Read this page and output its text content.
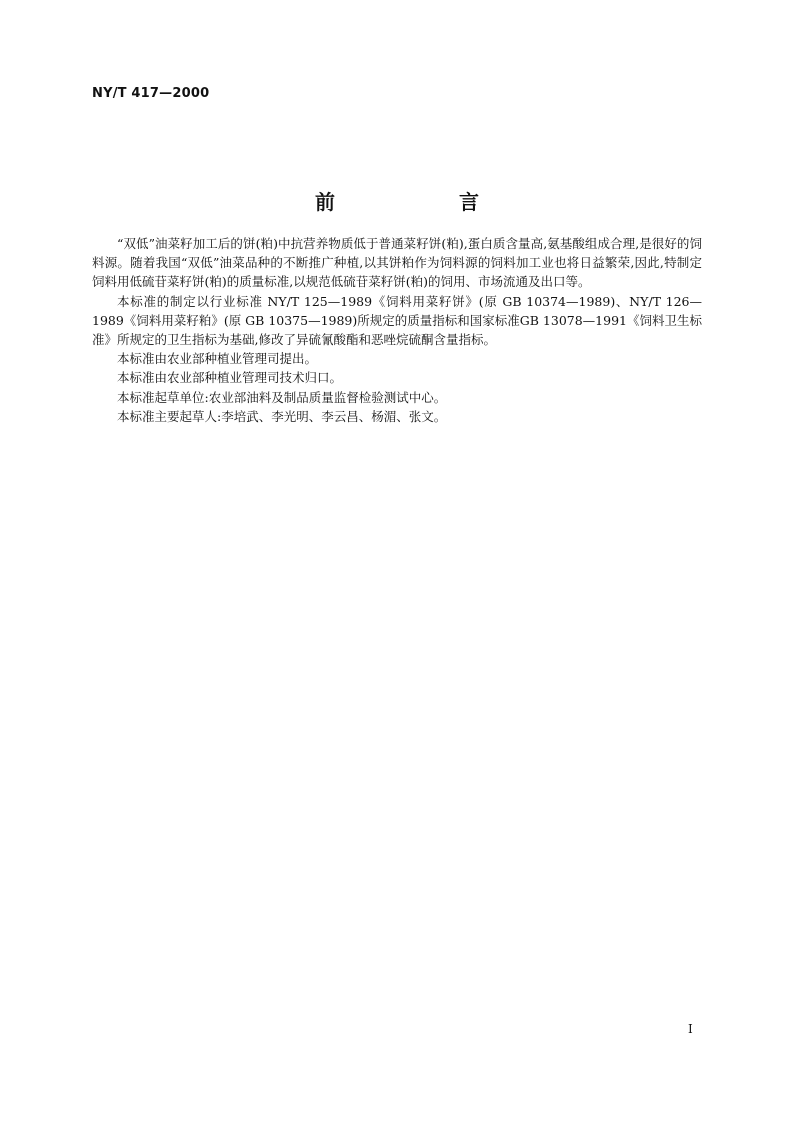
NY/T 417—2000
前　言

“双低”油菜籽加工后的饼(粕)中抗营养物质低于普通菜籽饼(粕),蛋白质含量高,氨基酸组成合理,是很好的饲料源。随着我国“双低”油菜品种的不断推广种植,以其饼粕作为饲料源的饲料加工业也将日益繁荣,因此,特制定饲料用低硫苷菜籽饼(粕)的质量标准,以规范低硫苷菜籽饼(粕)的饲用、市场流通及出口等。

本标准的制定以行业标准 NY/T 125—1989《饲料用菜籽饼》(原 GB 10374—1989)、NY/T 126—1989《饲料用菜籽粕》(原 GB 10375—1989)所规定的质量指标和国家标准GB 13078—1991《饲料卫生标准》所规定的卫生指标为基础,修改了异硫氰酸酯和恶唑烷硫酮含量指标。

本标准由农业部种植业管理司提出。

本标准由农业部种植业管理司技术归口。

本标准起草单位:农业部油料及制品质量监督检验测试中心。

本标准主要起草人:李培武、李光明、李云昌、杨湄、张文。

I
